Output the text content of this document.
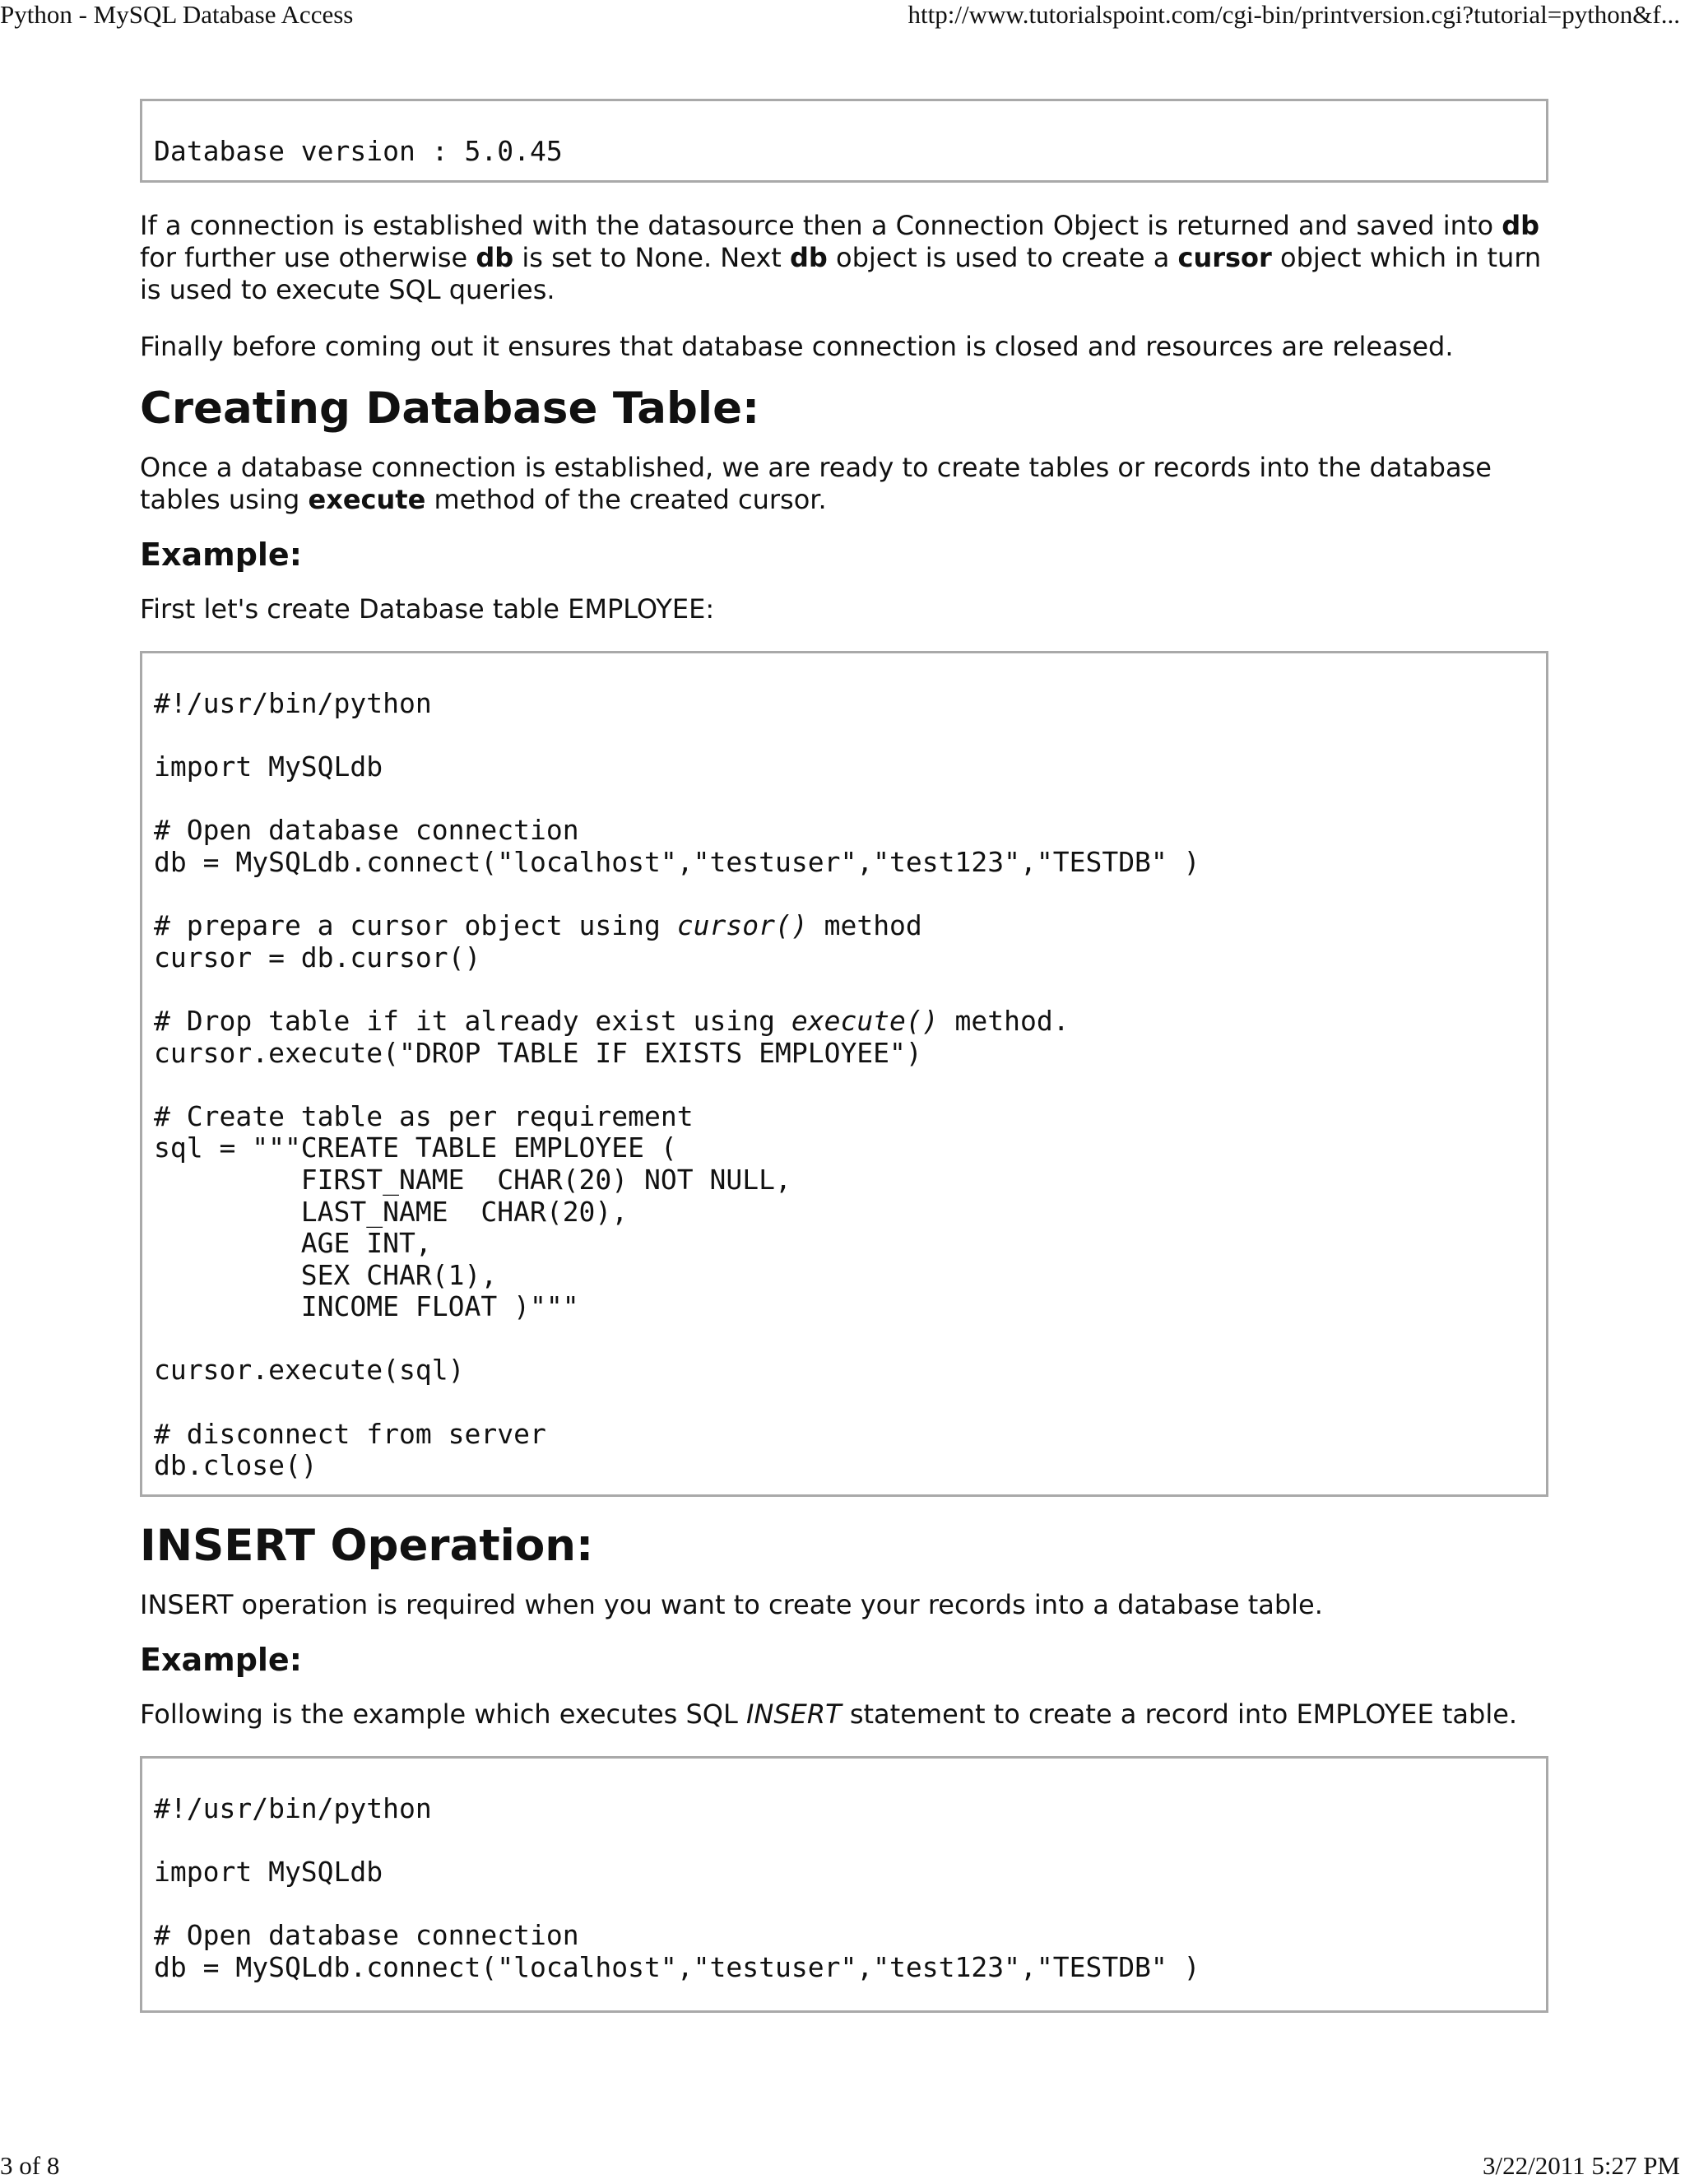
Python - MySQL Database Access	http://www.tutorialspoint.com/cgi-bin/printversion.cgi?tutorial=python&f...
Database version : 5.0.45

If a connection is established with the datasource then a Connection Object is returned and saved into db for further use otherwise db is set to None. Next db object is used to create a cursor object which in turn is used to execute SQL queries.

Finally before coming out it ensures that database connection is closed and resources are released.

Creating Database Table:

Once a database connection is established, we are ready to create tables or records into the database tables using execute method of the created cursor.

Example:

First let's create Database table EMPLOYEE:

#!/usr/bin/python

import MySQLdb

# Open database connection
db = MySQLdb.connect("localhost","testuser","test123","TESTDB" )

# prepare a cursor object using cursor() method
cursor = db.cursor()

# Drop table if it already exist using execute() method.
cursor.execute("DROP TABLE IF EXISTS EMPLOYEE")

# Create table as per requirement
sql = """CREATE TABLE EMPLOYEE (
FIRST_NAME  CHAR(20) NOT NULL,
LAST_NAME  CHAR(20),
AGE INT,
SEX CHAR(1),
INCOME FLOAT )"""

cursor.execute(sql)

# disconnect from server
db.close()
INSERT Operation:

INSERT operation is required when you want to create your records into a database table.

Example:

Following is the example which executes SQL INSERT statement to create a record into EMPLOYEE table.

#!/usr/bin/python

import MySQLdb

# Open database connection
db = MySQLdb.connect("localhost","testuser","test123","TESTDB" )
3 of 8	3/22/2011 5:27 PM
